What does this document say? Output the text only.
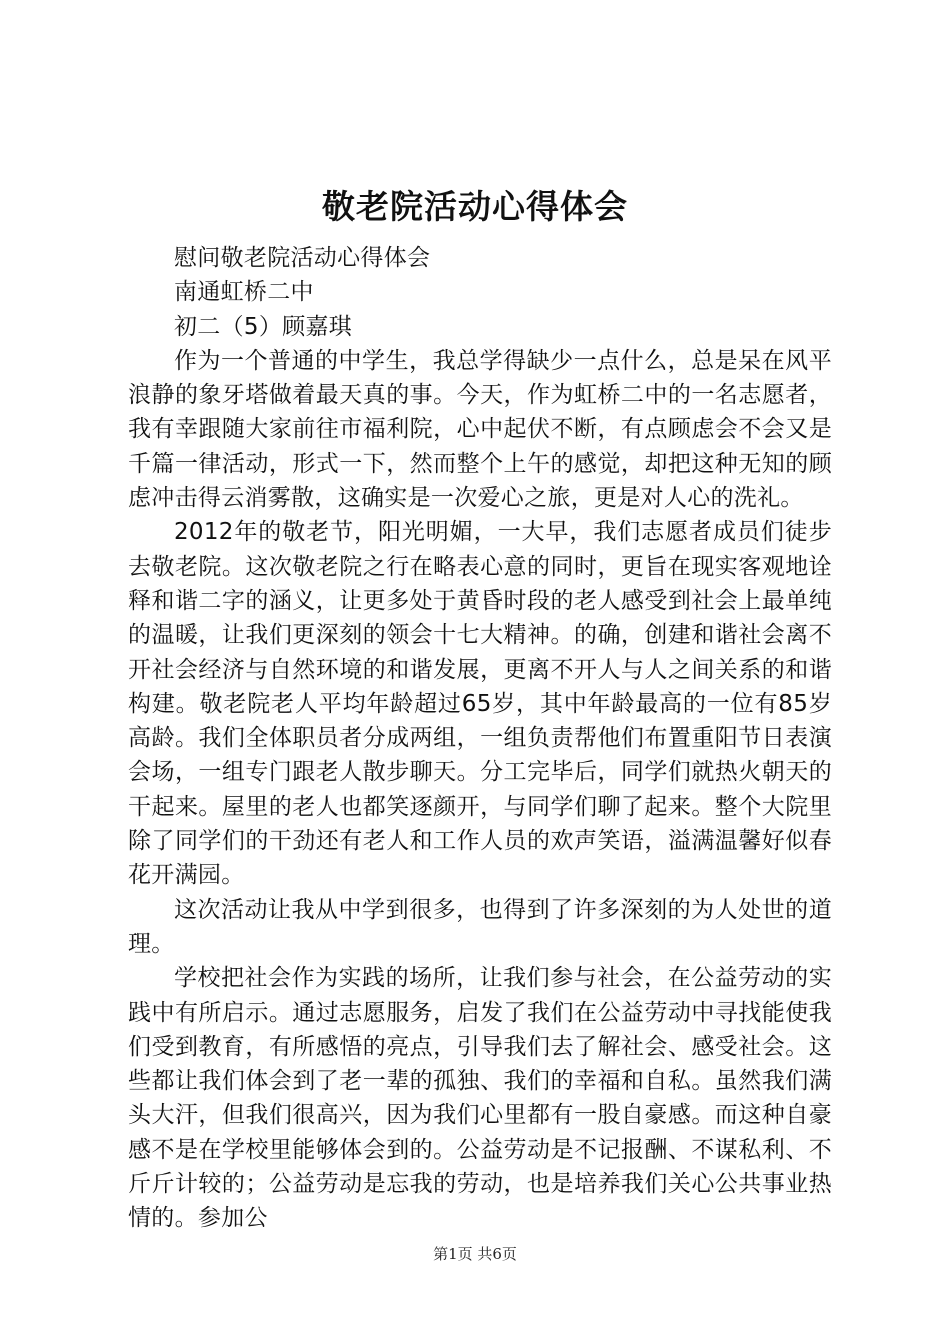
敬老院活动心得体会

慰问敬老院活动心得体会

南通虹桥二中

初二（5）顾嘉琪

作为一个普通的中学生，我总学得缺少一点什么，总是呆在风平浪静的象牙塔做着最天真的事。今天，作为虹桥二中的一名志愿者，我有幸跟随大家前往市福利院，心中起伏不断，有点顾虑会不会又是千篇一律活动，形式一下，然而整个上午的感觉，却把这种无知的顾虑冲击得云消雾散，这确实是一次爱心之旅，更是对人心的洗礼。

2012年的敬老节，阳光明媚，一大早，我们志愿者成员们徒步去敬老院。这次敬老院之行在略表心意的同时，更旨在现实客观地诠释和谐二字的涵义，让更多处于黄昏时段的老人感受到社会上最单纯的温暖，让我们更深刻的领会十七大精神。的确，创建和谐社会离不开社会经济与自然环境的和谐发展，更离不开人与人之间关系的和谐构建。敬老院老人平均年龄超过65岁，其中年龄最高的一位有85岁高龄。我们全体职员者分成两组，一组负责帮他们布置重阳节日表演会场，一组专门跟老人散步聊天。分工完毕后，同学们就热火朝天的干起来。屋里的老人也都笑逐颜开，与同学们聊了起来。整个大院里除了同学们的干劲还有老人和工作人员的欢声笑语，溢满温馨好似春花开满园。

这次活动让我从中学到很多，也得到了许多深刻的为人处世的道理。

学校把社会作为实践的场所，让我们参与社会，在公益劳动的实践中有所启示。通过志愿服务，启发了我们在公益劳动中寻找能使我们受到教育，有所感悟的亮点，引导我们去了解社会、感受社会。这些都让我们体会到了老一辈的孤独、我们的幸福和自私。虽然我们满头大汗，但我们很高兴，因为我们心里都有一股自豪感。而这种自豪感不是在学校里能够体会到的。公益劳动是不记报酬、不谋私利、不斤斤计较的；公益劳动是忘我的劳动，也是培养我们关心公共事业热情的。参加公

第1页 共6页
